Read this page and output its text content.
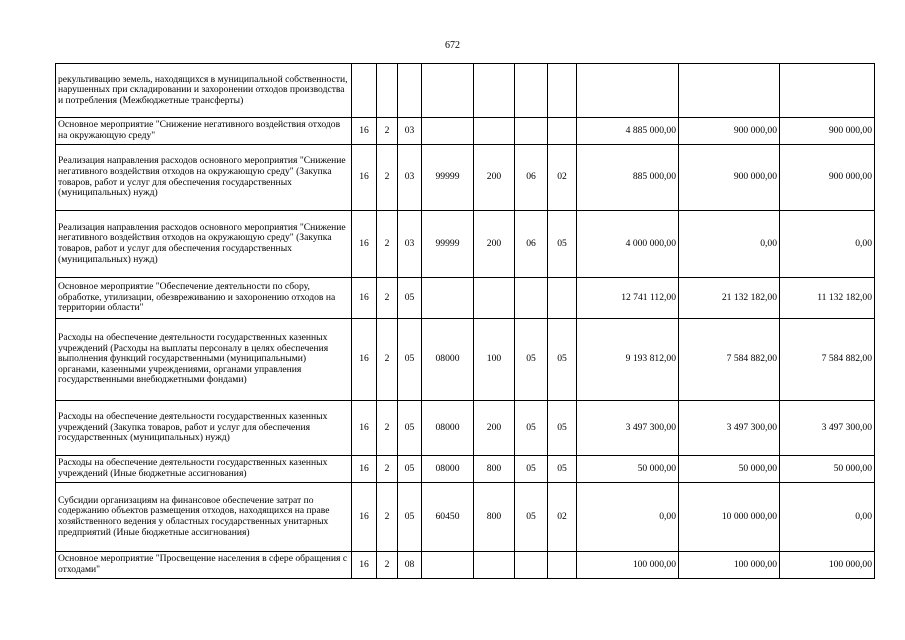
672
рекультивацию земель, находящихся в муниципальной собственности, нарушенных при складировании и захоронении отходов производства и потребления (Межбюджетные трансферты)										
Основное мероприятие "Снижение негативного воздействия отходов на окружающую среду"	16	2	03					4 885 000,00	900 000,00	900 000,00
Реализация направления расходов основного мероприятия "Снижение негативного воздействия отходов на окружающую среду" (Закупка товаров, работ и услуг для обеспечения государственных (муниципальных) нужд)	16	2	03	99999	200	06	02	885 000,00	900 000,00	900 000,00
Реализация направления расходов основного мероприятия "Снижение негативного воздействия отходов на окружающую среду" (Закупка товаров, работ и услуг для обеспечения государственных (муниципальных) нужд)	16	2	03	99999	200	06	05	4 000 000,00	0,00	0,00
Основное мероприятие "Обеспечение деятельности по сбору, обработке, утилизации, обезвреживанию и захоронению отходов на территории области"	16	2	05					12 741 112,00	21 132 182,00	11 132 182,00
Расходы на обеспечение деятельности государственных казенных учреждений (Расходы на выплаты персоналу в целях обеспечения выполнения функций государственными (муниципальными) органами, казенными учреждениями, органами управления государственными внебюджетными фондами)	16	2	05	08000	100	05	05	9 193 812,00	7 584 882,00	7 584 882,00
Расходы на обеспечение деятельности государственных казенных учреждений (Закупка товаров, работ и услуг для обеспечения государственных (муниципальных) нужд)	16	2	05	08000	200	05	05	3 497 300,00	3 497 300,00	3 497 300,00
Расходы на обеспечение деятельности государственных казенных учреждений (Иные бюджетные ассигнования)	16	2	05	08000	800	05	05	50 000,00	50 000,00	50 000,00
Субсидии организациям на финансовое обеспечение затрат по содержанию объектов размещения отходов, находящихся на праве хозяйственного ведения у областных государственных унитарных предприятий (Иные бюджетные ассигнования)	16	2	05	60450	800	05	02	0,00	10 000 000,00	0,00
Основное мероприятие "Просвещение населения в сфере обращения с отходами"	16	2	08					100 000,00	100 000,00	100 000,00
